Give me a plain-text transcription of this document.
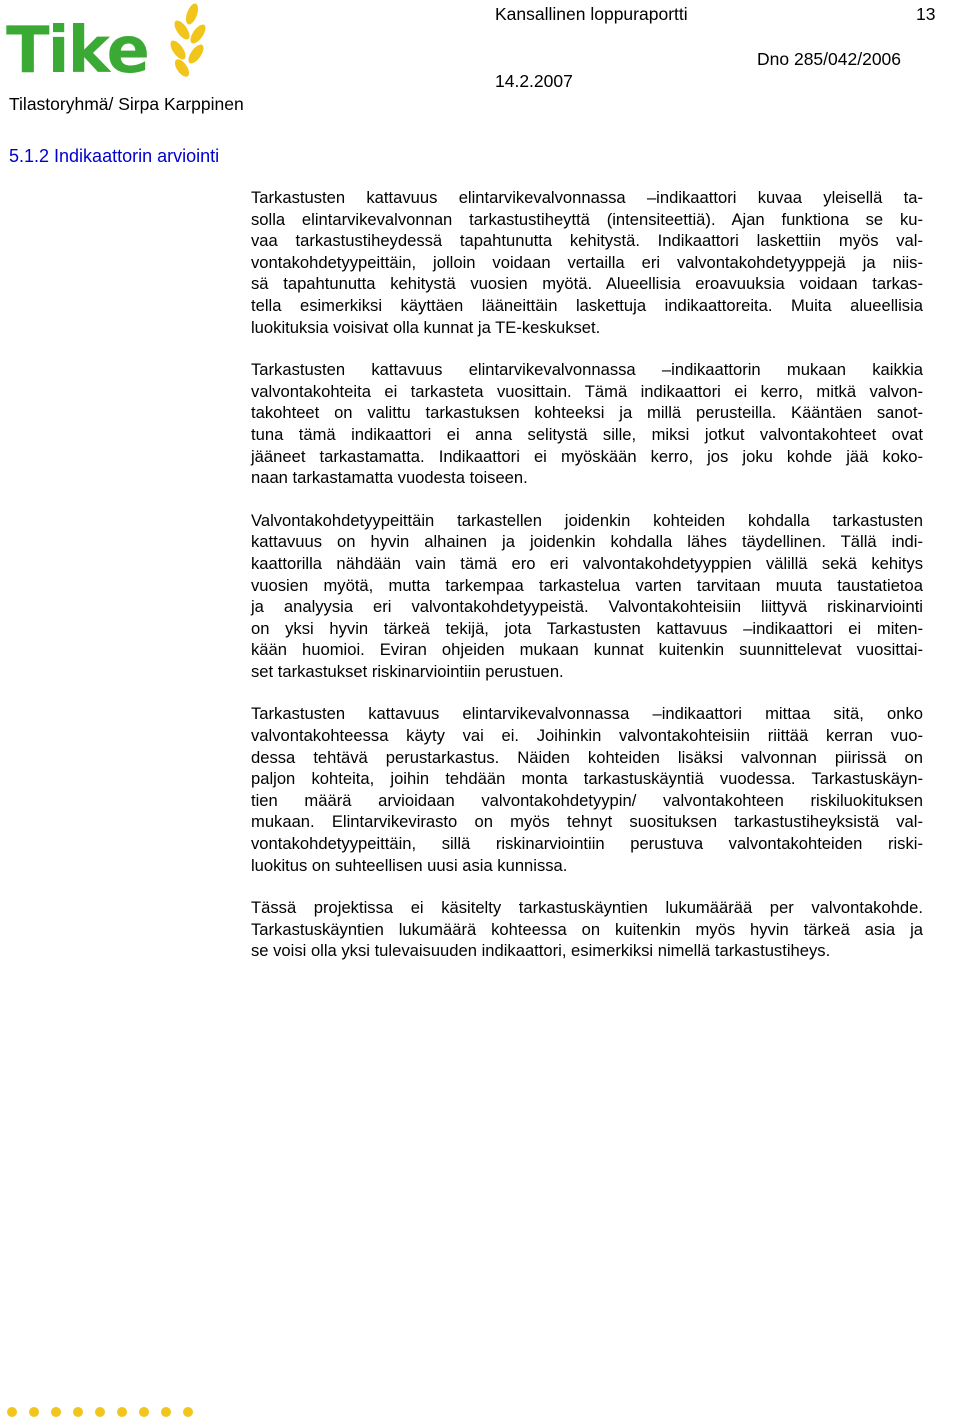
Tike	Kansallinen loppuraportti	13
Dno 285/042/2006
14.2.2007
Tilastoryhmä/ Sirpa Karppinen
5.1.2 Indikaattorin arviointi
Tarkastusten kattavuus elintarvikevalvonnassa –indikaattori kuvaa yleisellä ta-
solla elintarvikevalvonnan tarkastustiheyttä (intensiteettiä). Ajan funktiona se ku-
vaa tarkastustiheydessä tapahtunutta kehitystä. Indikaattori laskettiin myös val-
vontakohdetyypeittäin, jolloin voidaan vertailla eri valvontakohdetyyppejä ja niis-
sä tapahtunutta kehitystä vuosien myötä. Alueellisia eroavuuksia voidaan tarkas-
tella esimerkiksi käyttäen lääneittäin laskettuja indikaattoreita. Muita alueellisia
luokituksia voisivat olla kunnat ja TE-keskukset.
Tarkastusten kattavuus elintarvikevalvonnassa –indikaattorin mukaan kaikkia
valvontakohteita ei tarkasteta vuosittain. Tämä indikaattori ei kerro, mitkä valvon-
takohteet on valittu tarkastuksen kohteeksi ja millä perusteilla. Kääntäen sanot-
tuna tämä indikaattori ei anna selitystä sille, miksi jotkut valvontakohteet ovat
jääneet tarkastamatta. Indikaattori ei myöskään kerro, jos joku kohde jää koko-
naan tarkastamatta vuodesta toiseen.
Valvontakohdetyypeittäin tarkastellen joidenkin kohteiden kohdalla tarkastusten
kattavuus on hyvin alhainen ja joidenkin kohdalla lähes täydellinen. Tällä indi-
kaattorilla nähdään vain tämä ero eri valvontakohdetyyppien välillä sekä kehitys
vuosien myötä, mutta tarkempaa tarkastelua varten tarvitaan muuta taustatietoa
ja analyysia eri valvontakohdetyypeistä. Valvontakohteisiin liittyvä riskinarviointi
on yksi hyvin tärkeä tekijä, jota Tarkastusten kattavuus –indikaattori ei miten-
kään huomioi. Eviran ohjeiden mukaan kunnat kuitenkin suunnittelevat vuosittai-
set tarkastukset riskinarviointiin perustuen.
Tarkastusten kattavuus elintarvikevalvonnassa –indikaattori mittaa sitä, onko
valvontakohteessa käyty vai ei. Joihinkin valvontakohteisiin riittää kerran vuo-
dessa tehtävä perustarkastus. Näiden kohteiden lisäksi valvonnan piirissä on
paljon kohteita, joihin tehdään monta tarkastuskäyntiä vuodessa. Tarkastuskäyn-
tien määrä arvioidaan valvontakohdetyypin/ valvontakohteen riskiluokituksen
mukaan. Elintarvikevirasto on myös tehnyt suosituksen tarkastustiheyksistä val-
vontakohdetyypeittäin, sillä riskinarviointiin perustuva valvontakohteiden riski-
luokitus on suhteellisen uusi asia kunnissa.
Tässä projektissa ei käsitelty tarkastuskäyntien lukumäärää per valvontakohde.
Tarkastuskäyntien lukumäärä kohteessa on kuitenkin myös hyvin tärkeä asia ja
se voisi olla yksi tulevaisuuden indikaattori, esimerkiksi nimellä tarkastustiheys.
